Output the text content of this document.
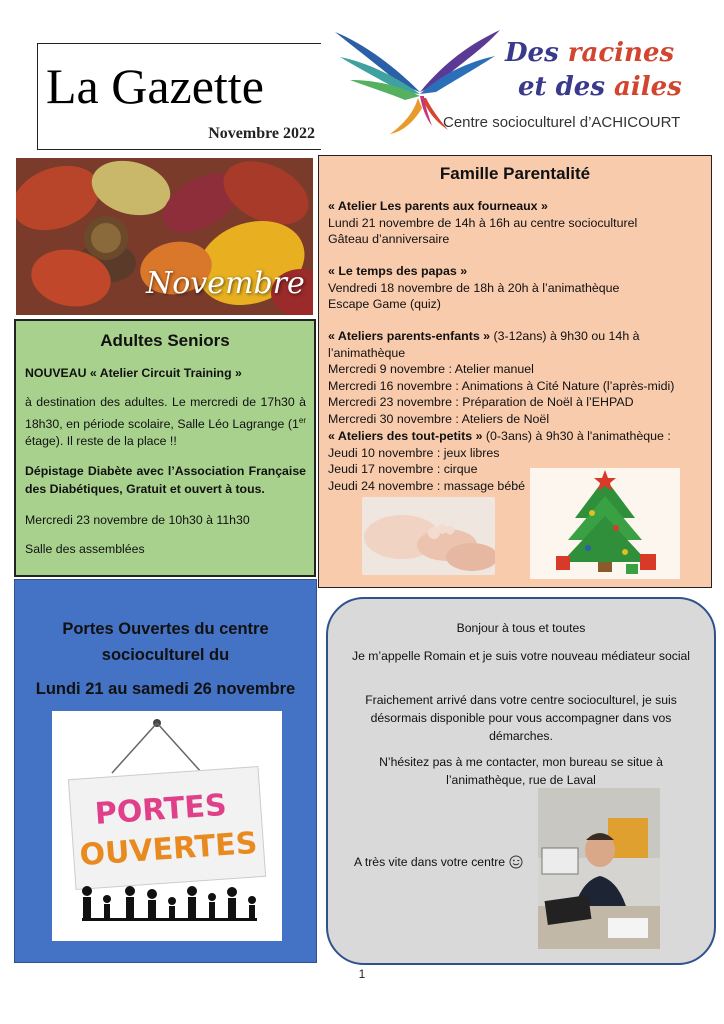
La Gazette
Novembre 2022
Des racines
et des ailes
Centre socioculturel d’ACHICOURT
Novembre
Famille Parentalité
« Atelier Les parents aux fourneaux »
Lundi 21 novembre de 14h à 16h au centre socioculturel
Gâteau d’anniversaire
« Le temps des papas »
Vendredi 18 novembre de 18h à 20h à l’animathèque
Escape Game (quiz)
« Ateliers parents-enfants » (3-12ans) à 9h30 ou 14h à l’animathèque
Mercredi 9 novembre : Atelier manuel
Mercredi 16 novembre : Animations à Cité Nature (l’après-midi)
Mercredi 23 novembre : Préparation de Noël à l’EHPAD
Mercredi 30 novembre : Ateliers de Noël
« Ateliers des tout-petits » (0-3ans) à 9h30 à l'animathèque :
Jeudi 10 novembre : jeux libres
Jeudi 17 novembre : cirque
Jeudi 24 novembre : massage bébé
Adultes Seniors
NOUVEAU « Atelier Circuit Training »
à destination des adultes. Le mercredi de 17h30 à 18h30, en période scolaire, Salle Léo Lagrange (1er étage). Il reste de la place !!
Dépistage Diabète avec l’Association Française des Diabétiques, Gratuit et ouvert à tous.
Mercredi 23 novembre de 10h30 à 11h30
Salle des assemblées
Portes Ouvertes du centre
socioculturel du
Lundi 21 au samedi 26 novembre
PORTES
OUVERTES
Bonjour à tous et toutes
Je m’appelle Romain et je suis votre nouveau médiateur social
Fraichement arrivé dans votre centre socioculturel, je suis désormais disponible pour vous accompagner dans vos démarches.
N’hésitez pas à me contacter, mon bureau se situe à l’animathèque, rue de Laval
A très vite dans votre centre
1
